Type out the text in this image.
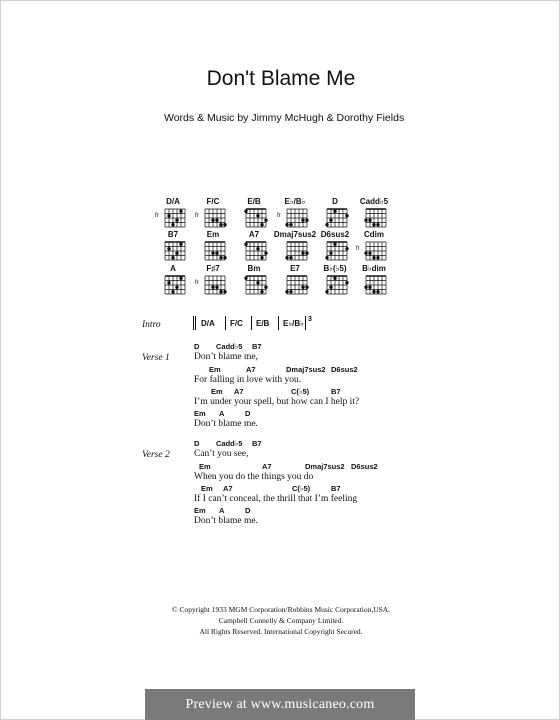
Don't Blame Me
Words & Music by Jimmy McHugh & Dorothy Fields
Intro	D/A F/C E/B E♭/B♭ 3
Verse 1
D Cadd♭5 B7
Don’t blame me,
Em	A7	Dmaj7sus2 D6sus2
For falling in love with you.
Em A7	C(♭5)	B7
I’m under your spell, but how can I help it?
Em A	D
Don’t blame me.
Verse 2
D Cadd♭5 B7
Can’t you see,
Em	A7	Dmaj7sus2 D6sus2
When you do the things you do
Em A7	C(♭5)	B7
If I can’t conceal, the thrill that I’m feeling
Em A	D
Don’t blame me.
© Copyright 1933 MGM Corporation/Robbins Music Corporation,USA.
Campbell Connelly & Company Limited.
All Rights Reserved. International Copyright Secured.
D/A
fr
F/C
fr
E/B	E♭/B♭
fr
D	Cadd♭5
B7	Em	A7	Dmaj7sus2 D6sus2	Cdim
fr
A	F♯7
fr
Bm	E7	B♭(♭5)	B♭dim
Preview at www.musicaneo.com
